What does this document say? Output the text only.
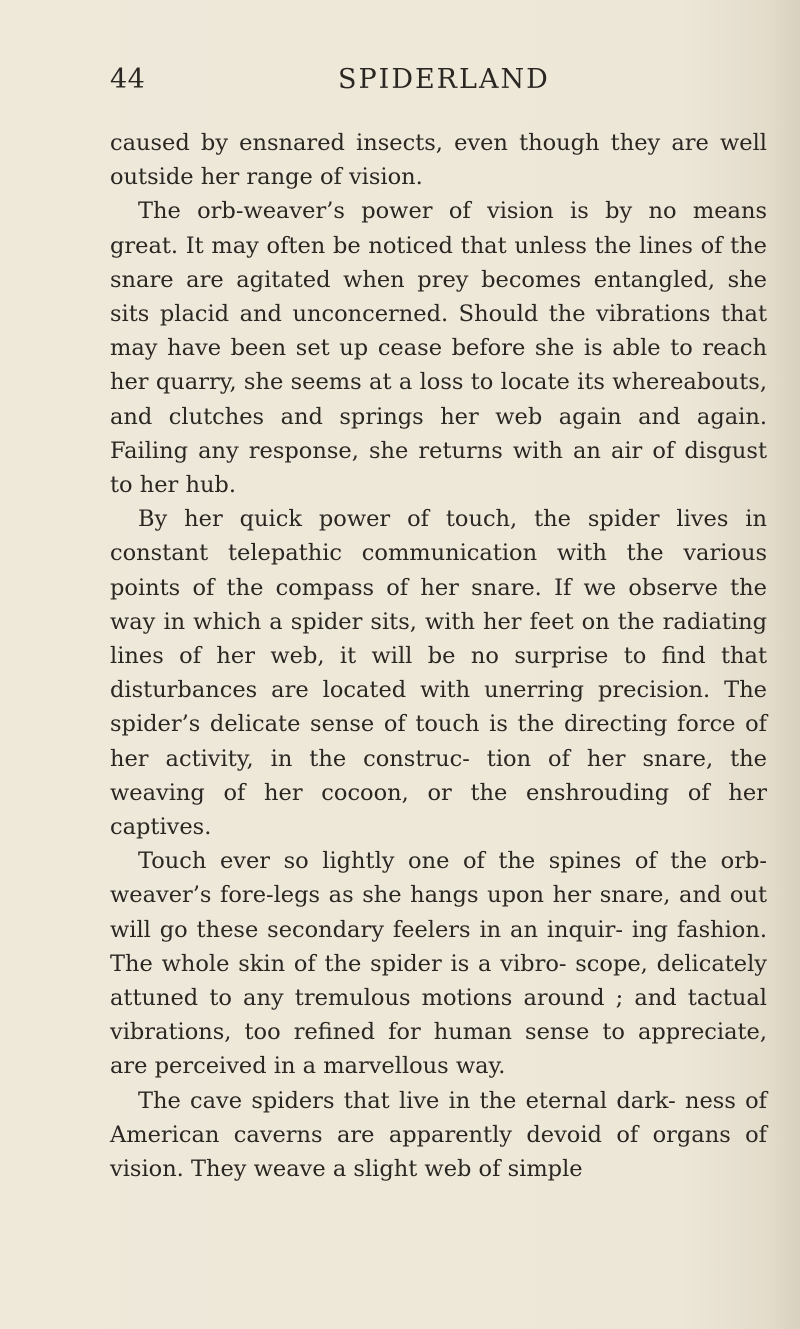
44	SPIDERLAND

caused by ensnared insects, even though they are well outside her range of vision.

The orb-weaver’s power of vision is by no means great. It may often be noticed that unless the lines of the snare are agitated when prey becomes entangled, she sits placid and unconcerned. Should the vibrations that may have been set up cease before she is able to reach her quarry, she seems at a loss to locate its whereabouts, and clutches and springs her web again and again. Failing any response, she returns with an air of disgust to her hub.

By her quick power of touch, the spider lives in constant telepathic communication with the various points of the compass of her snare. If we observe the way in which a spider sits, with her feet on the radiating lines of her web, it will be no surprise to find that disturbances are located with unerring precision. The spider’s delicate sense of touch is the directing force of her activity, in the construc- tion of her snare, the weaving of her cocoon, or the enshrouding of her captives.

Touch ever so lightly one of the spines of the orb-weaver’s fore-legs as she hangs upon her snare, and out will go these secondary feelers in an inquir- ing fashion. The whole skin of the spider is a vibro- scope, delicately attuned to any tremulous motions around ; and tactual vibrations, too refined for human sense to appreciate, are perceived in a marvellous way.

The cave spiders that live in the eternal dark- ness of American caverns are apparently devoid of organs of vision. They weave a slight web of simple
